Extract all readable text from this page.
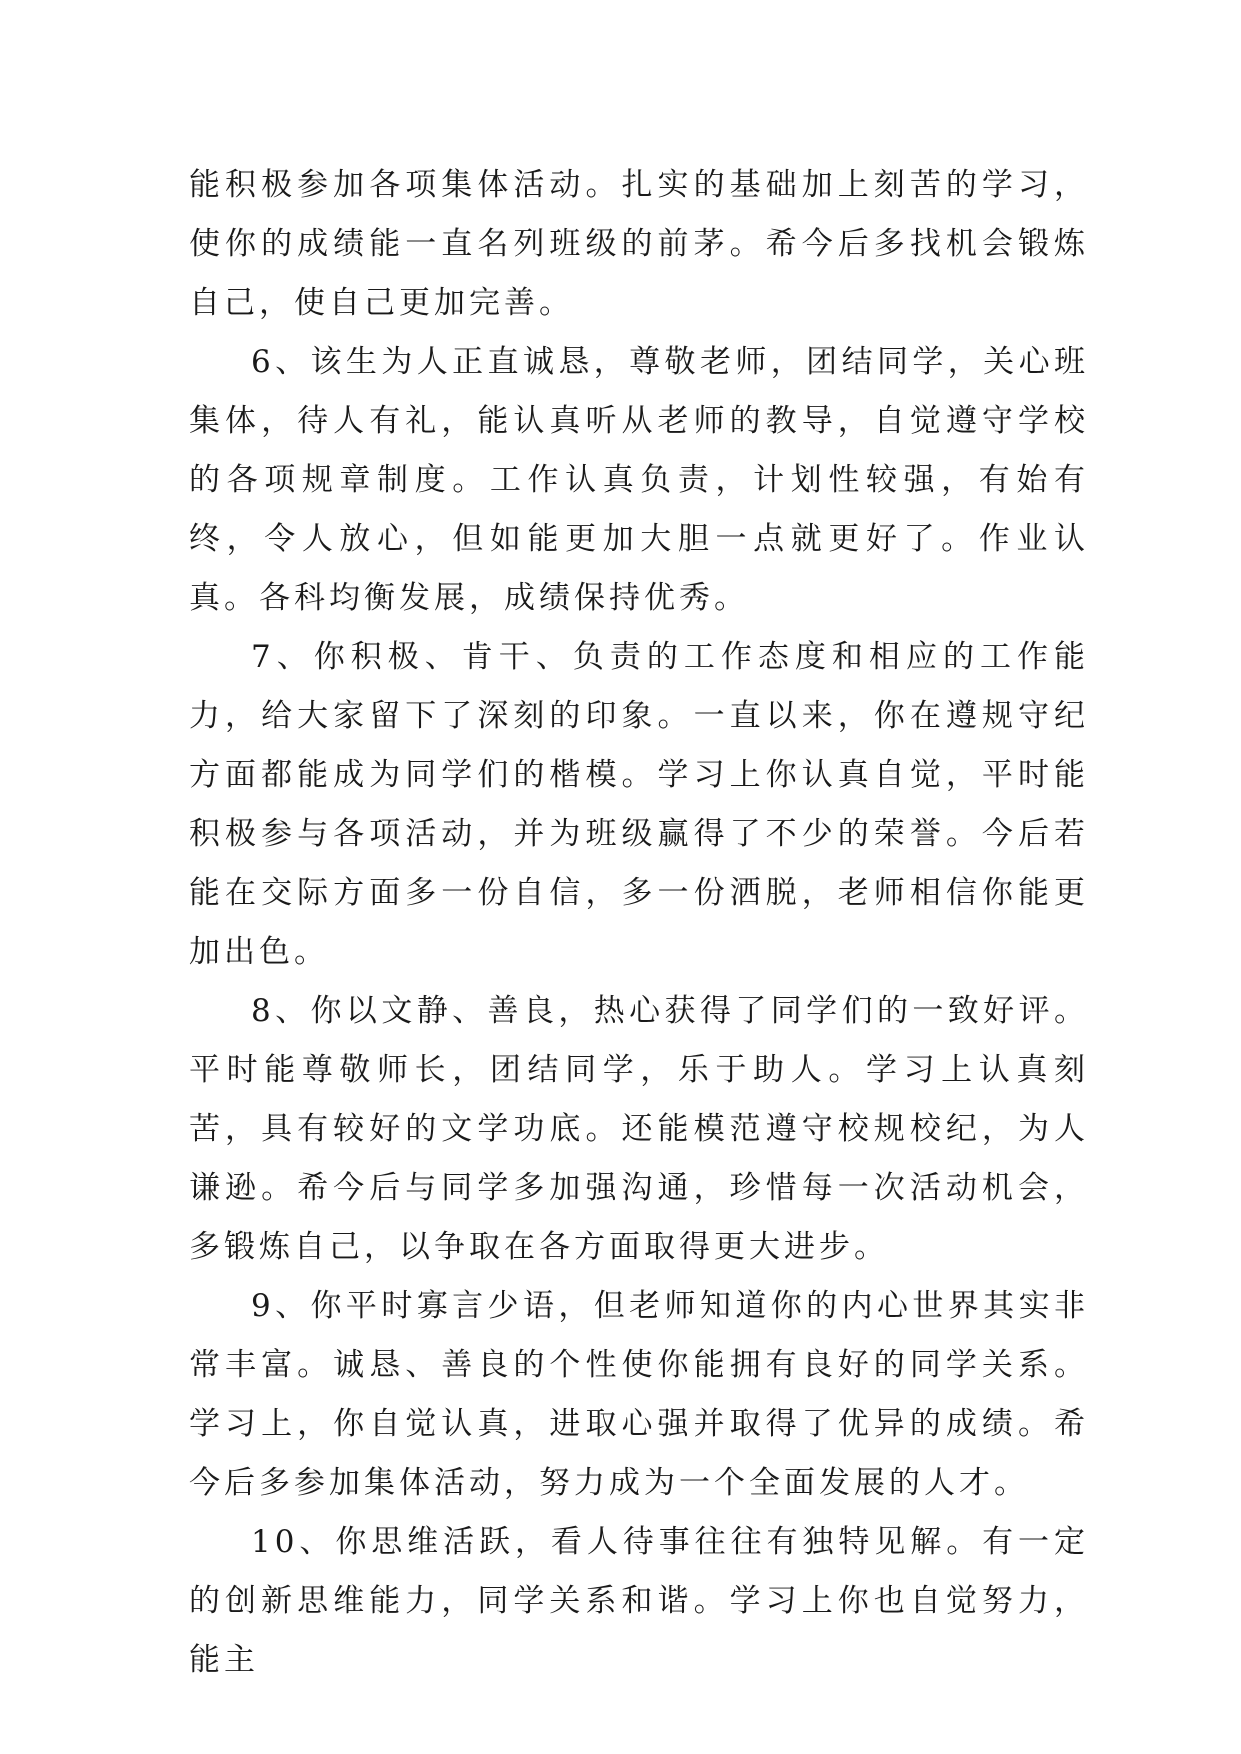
能积极参加各项集体活动。扎实的基础加上刻苦的学习，使你的成绩能一直名列班级的前茅。希今后多找机会锻炼自己，使自己更加完善。

6、该生为人正直诚恳，尊敬老师，团结同学，关心班集体，待人有礼，能认真听从老师的教导，自觉遵守学校的各项规章制度。工作认真负责，计划性较强，有始有终，令人放心，但如能更加大胆一点就更好了。作业认真。各科均衡发展，成绩保持优秀。

7、你积极、肯干、负责的工作态度和相应的工作能力，给大家留下了深刻的印象。一直以来，你在遵规守纪方面都能成为同学们的楷模。学习上你认真自觉，平时能积极参与各项活动，并为班级赢得了不少的荣誉。今后若能在交际方面多一份自信，多一份洒脱，老师相信你能更加出色。

8、你以文静、善良，热心获得了同学们的一致好评。平时能尊敬师长，团结同学，乐于助人。学习上认真刻苦，具有较好的文学功底。还能模范遵守校规校纪，为人谦逊。希今后与同学多加强沟通，珍惜每一次活动机会，多锻炼自己，以争取在各方面取得更大进步。

9、你平时寡言少语，但老师知道你的内心世界其实非常丰富。诚恳、善良的个性使你能拥有良好的同学关系。学习上，你自觉认真，进取心强并取得了优异的成绩。希今后多参加集体活动，努力成为一个全面发展的人才。

10、你思维活跃，看人待事往往有独特见解。有一定的创新思维能力，同学关系和谐。学习上你也自觉努力，能主
